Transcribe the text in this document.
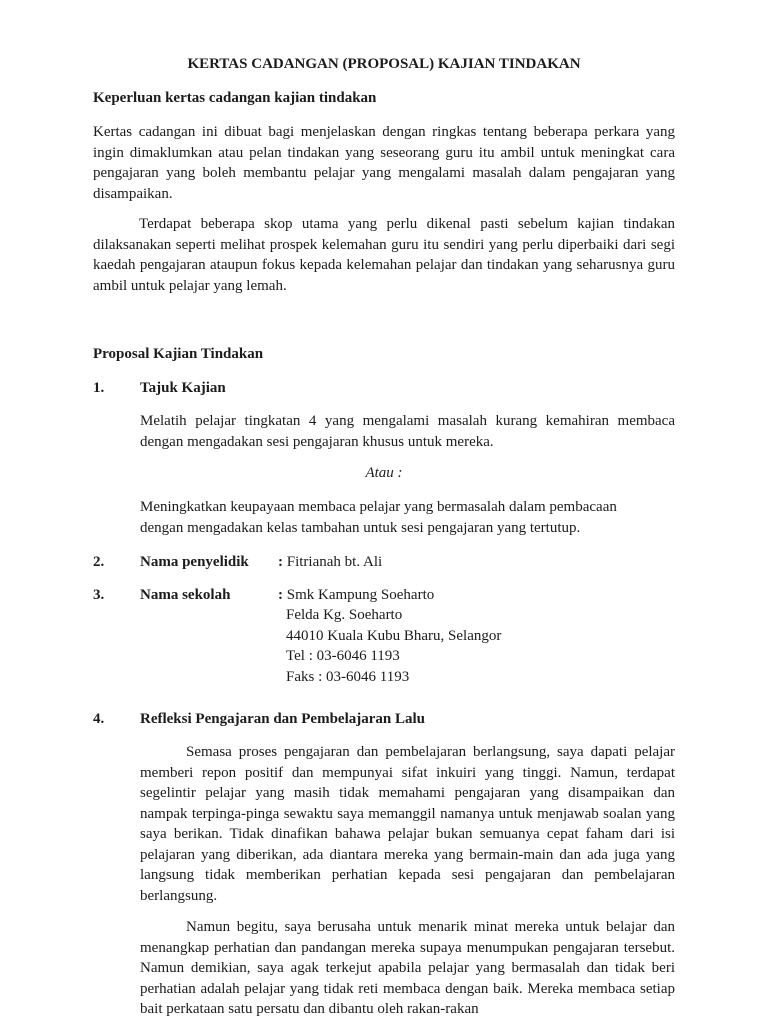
KERTAS CADANGAN (PROPOSAL) KAJIAN TINDAKAN
Keperluan kertas cadangan kajian tindakan

Kertas cadangan ini dibuat bagi menjelaskan dengan ringkas tentang beberapa perkara yang ingin dimaklumkan atau pelan tindakan yang seseorang guru itu ambil untuk meningkat cara pengajaran yang boleh membantu pelajar yang mengalami masalah dalam pengajaran yang disampaikan.

Terdapat beberapa skop utama yang perlu dikenal pasti sebelum kajian tindakan dilaksanakan seperti melihat prospek kelemahan guru itu sendiri yang perlu diperbaiki dari segi kaedah pengajaran ataupun fokus kepada kelemahan pelajar dan tindakan yang seharusnya guru ambil untuk pelajar yang lemah.

Proposal Kajian Tindakan
1. Tajuk Kajian

Melatih pelajar tingkatan 4 yang mengalami masalah kurang kemahiran membaca dengan mengadakan sesi pengajaran khusus untuk mereka.

Atau :
Meningkatkan keupayaan membaca pelajar yang bermasalah dalam pembacaan
dengan mengadakan kelas tambahan untuk sesi pengajaran yang tertutup.
2. Nama penyelidik : Fitrianah bt. Ali
3. Nama sekolah	: Smk Kampung Soeharto
Felda Kg. Soeharto
44010 Kuala Kubu Bharu, Selangor
Tel : 03-6046 1193
Faks : 03-6046 1193
4. Refleksi Pengajaran dan Pembelajaran Lalu

Semasa proses pengajaran dan pembelajaran berlangsung, saya dapati pelajar memberi repon positif dan mempunyai sifat inkuiri yang tinggi. Namun, terdapat segelintir pelajar yang masih tidak memahami pengajaran yang disampaikan dan nampak terpinga-pinga sewaktu saya memanggil namanya untuk menjawab soalan yang saya berikan. Tidak dinafikan bahawa pelajar bukan semuanya cepat faham dari isi pelajaran yang diberikan, ada diantara mereka yang bermain-main dan ada juga yang langsung tidak memberikan perhatian kepada sesi pengajaran dan pembelajaran berlangsung.

Namun begitu, saya berusaha untuk menarik minat mereka untuk belajar dan menangkap perhatian dan pandangan mereka supaya menumpukan pengajaran tersebut. Namun demikian, saya agak terkejut apabila pelajar yang bermasalah dan tidak beri perhatian adalah pelajar yang tidak reti membaca dengan baik. Mereka membaca setiap bait perkataan satu persatu dan dibantu oleh rakan-rakan
